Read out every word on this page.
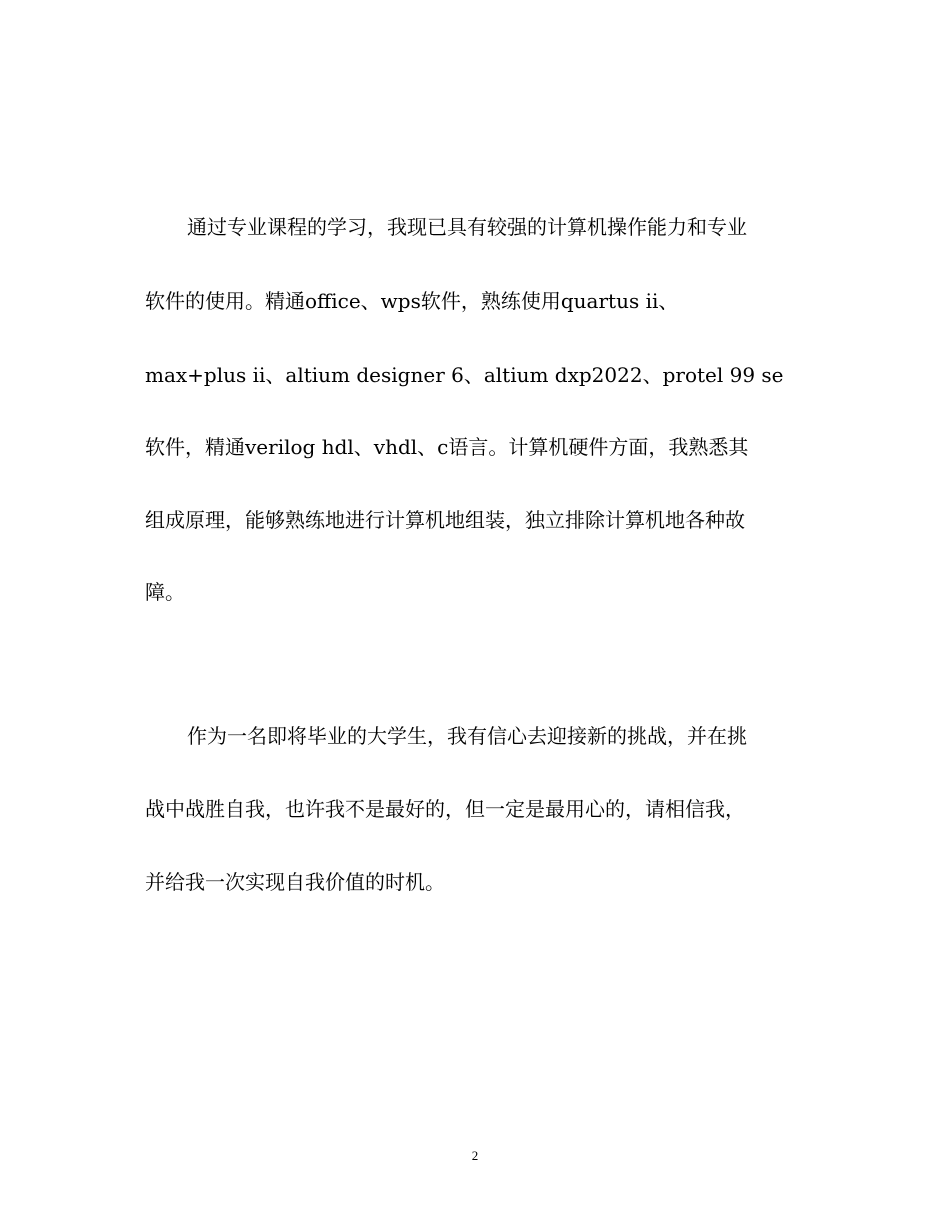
通过专业课程的学习，我现已具有较强的计算机操作能力和专业
软件的使用。精通office、wps软件，熟练使用quartus ii、
max+plus ii、altium designer 6、altium dxp2022、protel 99 se
软件，精通verilog hdl、vhdl、c语言。计算机硬件方面，我熟悉其
组成原理，能够熟练地进行计算机地组装，独立排除计算机地各种故
障。
作为一名即将毕业的大学生，我有信心去迎接新的挑战，并在挑
战中战胜自我，也许我不是最好的，但一定是最用心的，请相信我，
并给我一次实现自我价值的时机。
2
